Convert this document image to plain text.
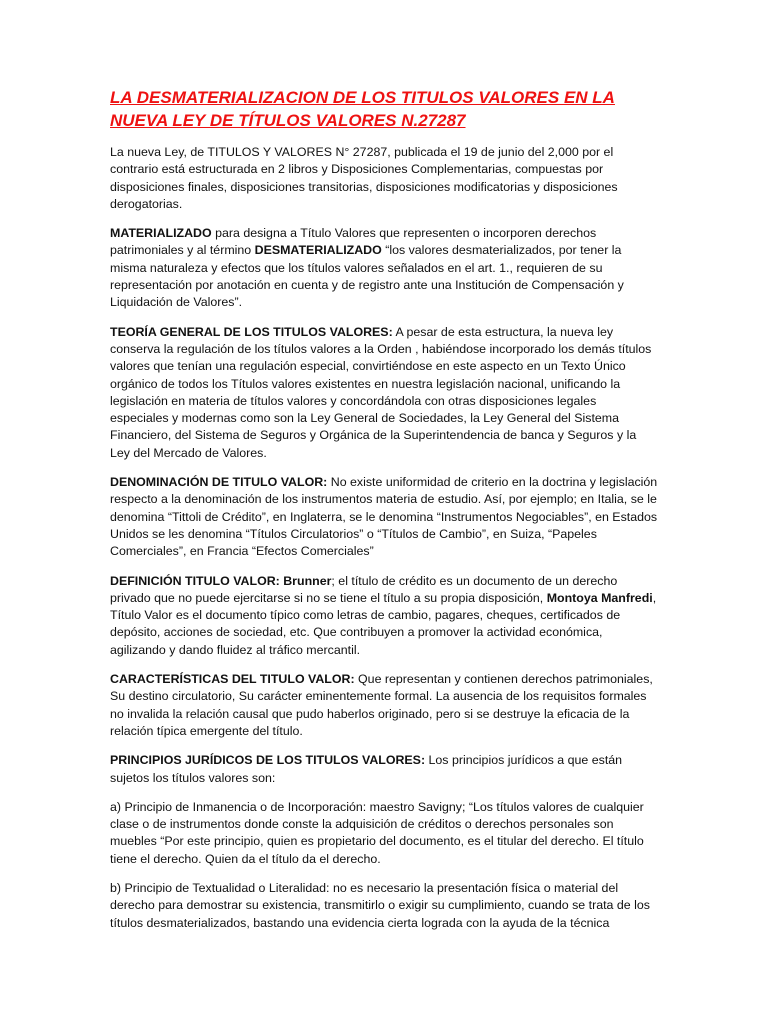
LA DESMATERIALIZACION DE LOS TITULOS VALORES EN LA NUEVA LEY DE TÍTULOS VALORES N.27287

La nueva Ley, de TITULOS Y VALORES N° 27287, publicada el 19 de junio del 2,000 por el contrario está estructurada en 2 libros y Disposiciones Complementarias, compuestas por disposiciones finales, disposiciones transitorias, disposiciones modificatorias y disposiciones derogatorias.

MATERIALIZADO para designa a Título Valores que representen o incorporen derechos patrimoniales y al término DESMATERIALIZADO “los valores desmaterializados, por tener la misma naturaleza y efectos que los títulos valores señalados en el art. 1., requieren de su representación por anotación en cuenta y de registro ante una Institución de Compensación y Liquidación de Valores”.

TEORÍA GENERAL DE LOS TITULOS VALORES: A pesar de esta estructura, la nueva ley conserva la regulación de los títulos valores a la Orden , habiéndose incorporado los demás títulos valores que tenían una regulación especial, convirtiéndose en este aspecto en un Texto Único orgánico de todos los Títulos valores existentes en nuestra legislación nacional, unificando la legislación en materia de títulos valores y concordándola con otras disposiciones legales especiales y modernas como son la Ley General de Sociedades, la Ley General del Sistema Financiero, del Sistema de Seguros y Orgánica de la Superintendencia de banca y Seguros y la Ley del Mercado de Valores.

DENOMINACIÓN DE TITULO VALOR: No existe uniformidad de criterio en la doctrina y legislación respecto a la denominación de los instrumentos materia de estudio. Así, por ejemplo; en Italia, se le denomina “Tittoli de Crédito”, en Inglaterra, se le denomina “Instrumentos Negociables”, en Estados Unidos se les denomina “Títulos Circulatorios” o “Títulos de Cambio”, en Suiza, “Papeles Comerciales”, en Francia “Efectos Comerciales”

DEFINICIÓN TITULO VALOR: Brunner; el título de crédito es un documento de un derecho privado que no puede ejercitarse si no se tiene el título a su propia disposición, Montoya Manfredi, Título Valor es el documento típico como letras de cambio, pagares, cheques, certificados de depósito, acciones de sociedad, etc. Que contribuyen a promover la actividad económica, agilizando y dando fluidez al tráfico mercantil.

CARACTERÍSTICAS DEL TITULO VALOR: Que representan y contienen derechos patrimoniales, Su destino circulatorio, Su carácter eminentemente formal. La ausencia de los requisitos formales no invalida la relación causal que pudo haberlos originado, pero si se destruye la eficacia de la relación típica emergente del título.

PRINCIPIOS JURÍDICOS DE LOS TITULOS VALORES: Los principios jurídicos a que están sujetos los títulos valores son:

a) Principio de Inmanencia o de Incorporación: maestro Savigny; “Los títulos valores de cualquier clase o de instrumentos donde conste la adquisición de créditos o derechos personales son muebles “Por este principio, quien es propietario del documento, es el titular del derecho. El título tiene el derecho. Quien da el título da el derecho.

b) Principio de Textualidad o Literalidad: no es necesario la presentación física o material del derecho para demostrar su existencia, transmitirlo o exigir su cumplimiento, cuando se trata de los títulos desmaterializados, bastando una evidencia cierta lograda con la ayuda de la técnica
